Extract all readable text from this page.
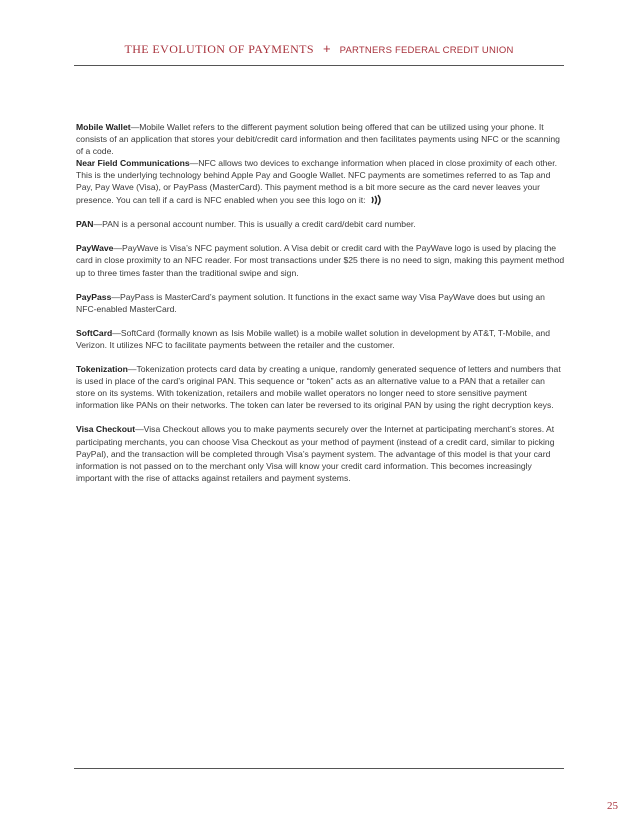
THE EVOLUTION OF PAYMENTS + PARTNERS FEDERAL CREDIT UNION

Mobile Wallet—Mobile Wallet refers to the different payment solution being offered that can be utilized using your phone. It consists of an application that stores your debit/credit card information and then facilitates payments using NFC or the scanning of a code.

Near Field Communications—NFC allows two devices to exchange information when placed in close proximity of each other. This is the underlying technology behind Apple Pay and Google Wallet. NFC payments are sometimes referred to as Tap and Pay, Pay Wave (Visa), or PayPass (MasterCard). This payment method is a bit more secure as the card never leaves your presence. You can tell if a card is NFC enabled when you see this logo on it:

PAN—PAN is a personal account number. This is usually a credit card/debit card number.

PayWave—PayWave is Visa’s NFC payment solution. A Visa debit or credit card with the PayWave logo is used by placing the card in close proximity to an NFC reader. For most transactions under $25 there is no need to sign, making this payment method up to three times faster than the traditional swipe and sign.

PayPass—PayPass is MasterCard’s payment solution. It functions in the exact same way Visa PayWave does but using an NFC-enabled MasterCard.

SoftCard—SoftCard (formally known as Isis Mobile wallet) is a mobile wallet solution in development by AT&T, T-Mobile, and Verizon. It utilizes NFC to facilitate payments between the retailer and the customer.

Tokenization—Tokenization protects card data by creating a unique, randomly generated sequence of letters and numbers that is used in place of the card’s original PAN. This sequence or “token” acts as an alternative value to a PAN that a retailer can store on its systems. With tokenization, retailers and mobile wallet operators no longer need to store sensitive payment information like PANs on their networks. The token can later be reversed to its original PAN by using the right decryption keys.

Visa Checkout—Visa Checkout allows you to make payments securely over the Internet at participating merchant’s stores. At participating merchants, you can choose Visa Checkout as your method of payment (instead of a credit card, similar to picking PayPal), and the transaction will be completed through Visa’s payment system. The advantage of this model is that your card information is not passed on to the merchant only Visa will know your credit card information. This becomes increasingly important with the rise of attacks against retailers and payment systems.

25
